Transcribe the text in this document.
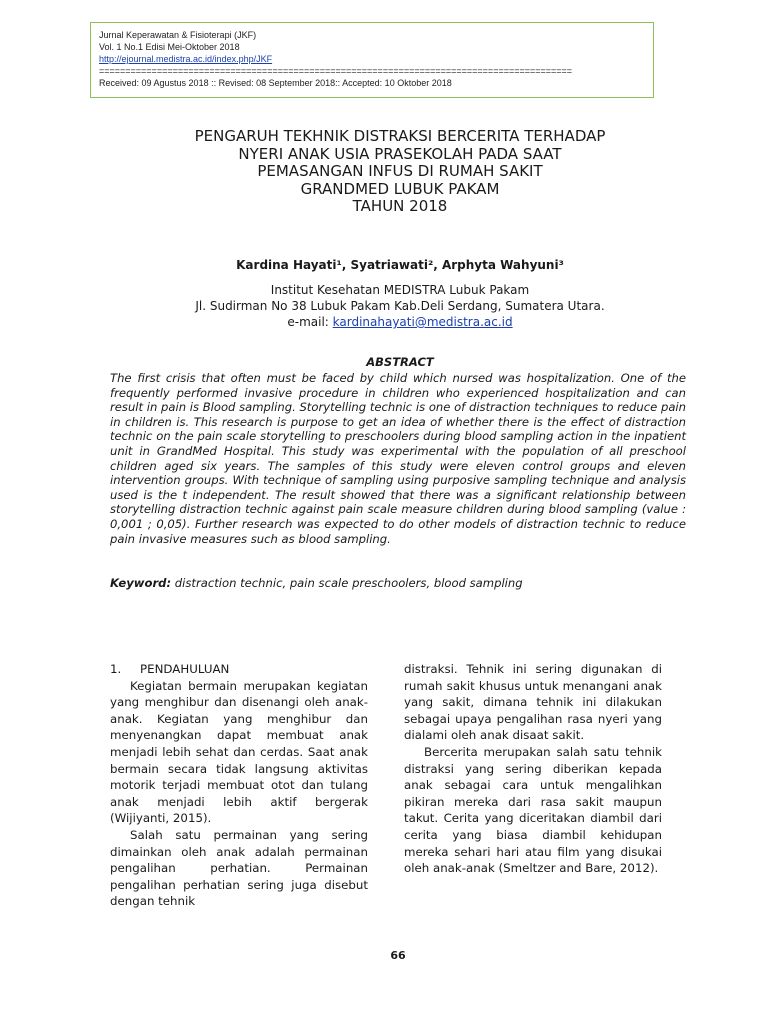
Jurnal Keperawatan & Fisioterapi (JKF)
Vol. 1 No.1 Edisi Mei-Oktober 2018
http://ejournal.medistra.ac.id/index.php/JKF
==========================================================================================
Received: 09 Agustus 2018 :: Revised: 08 September 2018:: Accepted: 10 Oktober 2018
PENGARUH TEKHNIK DISTRAKSI BERCERITA TERHADAP
NYERI ANAK USIA PRASEKOLAH PADA SAAT
PEMASANGAN INFUS DI RUMAH SAKIT
GRANDMED LUBUK PAKAM
TAHUN 2018
Kardina Hayati¹, Syatriawati², Arphyta Wahyuni³
Institut Kesehatan MEDISTRA Lubuk Pakam
Jl. Sudirman No 38 Lubuk Pakam Kab.Deli Serdang, Sumatera Utara.
e-mail: kardinahayati@medistra.ac.id
ABSTRACT
The first crisis that often must be faced by child which nursed was hospitalization. One of the frequently performed invasive procedure in children who experienced hospitalization and can result in pain is Blood sampling. Storytelling technic is one of distraction techniques to reduce pain in children is. This research is purpose to get an idea of whether there is the effect of distraction technic on the pain scale storytelling to preschoolers during blood sampling action in the inpatient unit in GrandMed Hospital. This study was experimental with the population of all preschool children aged six years. The samples of this study were eleven control groups and eleven intervention groups. With technique of sampling using purposive sampling technique and analysis used is the t independent. The result showed that there was a significant relationship between storytelling distraction technic against pain scale measure children during blood sampling (value : 0,001 ; 0,05). Further research was expected to do other models of distraction technic to reduce pain invasive measures such as blood sampling.
Keyword: distraction technic, pain scale preschoolers, blood sampling

1. PENDAHULUAN

Kegiatan bermain merupakan kegiatan yang menghibur dan disenangi oleh anak-anak. Kegiatan yang menghibur dan menyenangkan dapat membuat anak menjadi lebih sehat dan cerdas. Saat anak bermain secara tidak langsung aktivitas motorik terjadi membuat otot dan tulang anak menjadi lebih aktif bergerak (Wijiyanti, 2015).

Salah satu permainan yang sering dimainkan oleh anak adalah permainan pengalihan perhatian. Permainan pengalihan perhatian sering juga disebut dengan tehnik

distraksi. Tehnik ini sering digunakan di rumah sakit khusus untuk menangani anak yang sakit, dimana tehnik ini dilakukan sebagai upaya pengalihan rasa nyeri yang dialami oleh anak disaat sakit.

Bercerita merupakan salah satu tehnik distraksi yang sering diberikan kepada anak sebagai cara untuk mengalihkan pikiran mereka dari rasa sakit maupun takut. Cerita yang diceritakan diambil dari cerita yang biasa diambil kehidupan mereka sehari hari atau film yang disukai oleh anak-anak (Smeltzer and Bare, 2012).

66
